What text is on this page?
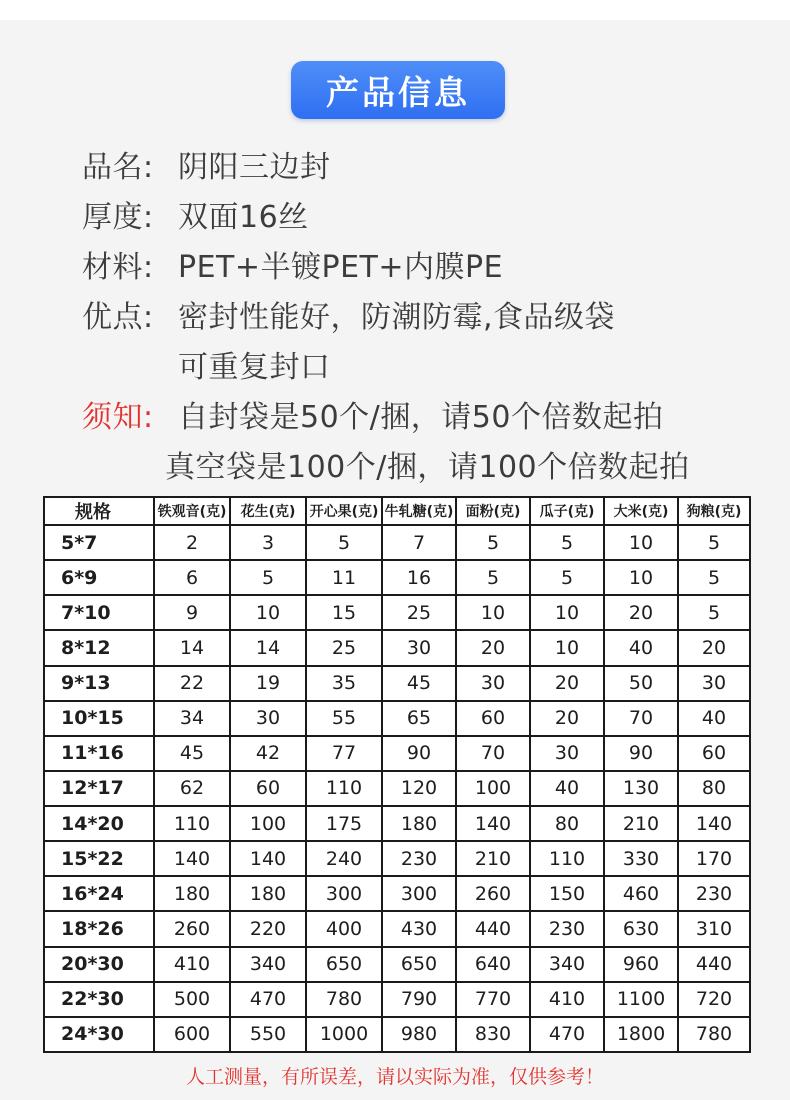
产品信息
品名: 阴阳三边封
厚度: 双面16丝
材料: PET+半镀PET+内膜PE
优点: 密封性能好，防潮防霉,食品级袋
可重复封口
须知: 自封袋是50个/捆，请50个倍数起拍
真空袋是100个/捆，请100个倍数起拍
规格	铁观音(克)	花生(克)	开心果(克)	牛轧糖(克)	面粉(克)	瓜子(克)	大米(克)	狗粮(克)
5*7	2	3	5	7	5	5	10	5
6*9	6	5	11	16	5	5	10	5
7*10	9	10	15	25	10	10	20	5
8*12	14	14	25	30	20	10	40	20
9*13	22	19	35	45	30	20	50	30
10*15	34	30	55	65	60	20	70	40
11*16	45	42	77	90	70	30	90	60
12*17	62	60	110	120	100	40	130	80
14*20	110	100	175	180	140	80	210	140
15*22	140	140	240	230	210	110	330	170
16*24	180	180	300	300	260	150	460	230
18*26	260	220	400	430	440	230	630	310
20*30	410	340	650	650	640	340	960	440
22*30	500	470	780	790	770	410	1100	720
24*30	600	550	1000	980	830	470	1800	780
人工测量，有所误差，请以实际为准，仅供参考！
